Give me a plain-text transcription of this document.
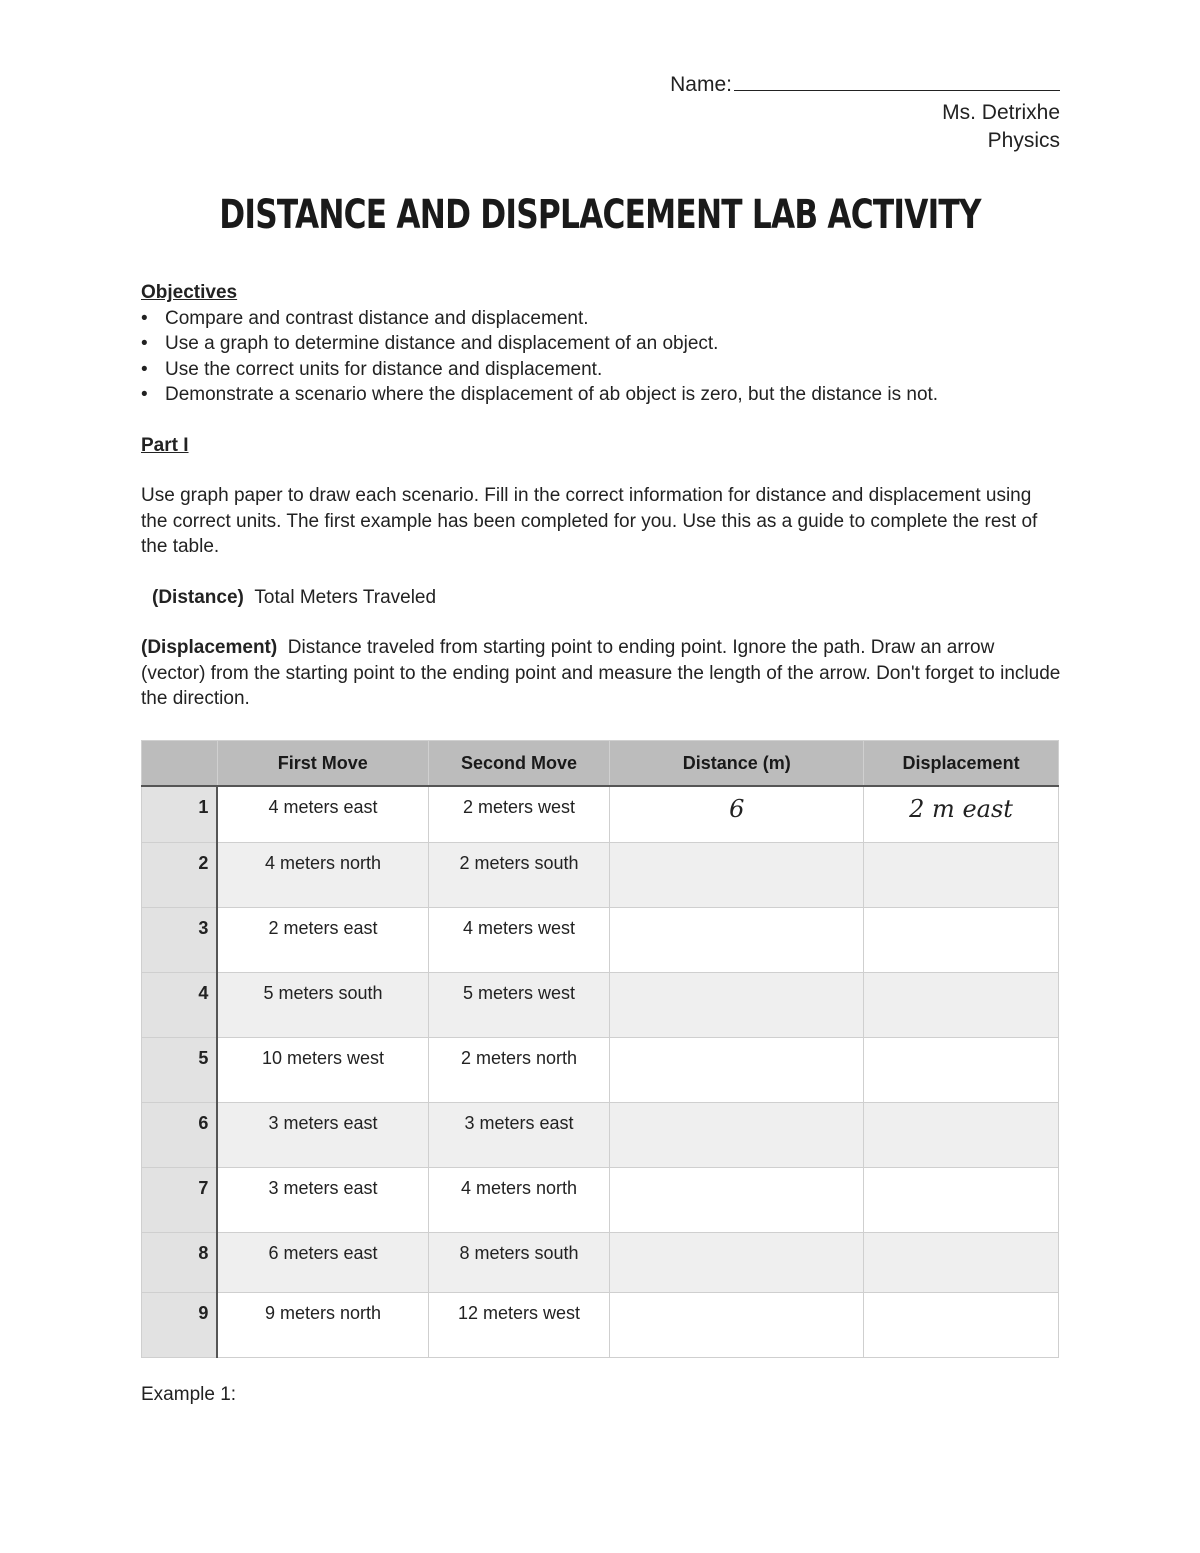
Name:
Ms. Detrixhe
Physics
DISTANCE AND DISPLACEMENT LAB ACTIVITY

Objectives

• Compare and contrast distance and displacement.
• Use a graph to determine distance and displacement of an object.
• Use the correct units for distance and displacement.
• Demonstrate a scenario where the displacement of ab object is zero, but the distance is not.

Part I

Use graph paper to draw each scenario. Fill in the correct information for distance and displacement using the correct units. The first example has been completed for you. Use this as a guide to complete the rest of the table.

(Distance) Total Meters Traveled

(Displacement) Distance traveled from starting point to ending point. Ignore the path. Draw an arrow (vector) from the starting point to the ending point and measure the length of the arrow. Don't forget to include the direction.

	First Move	Second Move	Distance (m)	Displacement
1	4 meters east	2 meters west	6	2 m east
2	4 meters north	2 meters south		
3	2 meters east	4 meters west		
4	5 meters south	5 meters west		
5	10 meters west	2 meters north		
6	3 meters east	3 meters east		
7	3 meters east	4 meters north		
8	6 meters east	8 meters south		
9	9 meters north	12 meters west		
Example 1:
